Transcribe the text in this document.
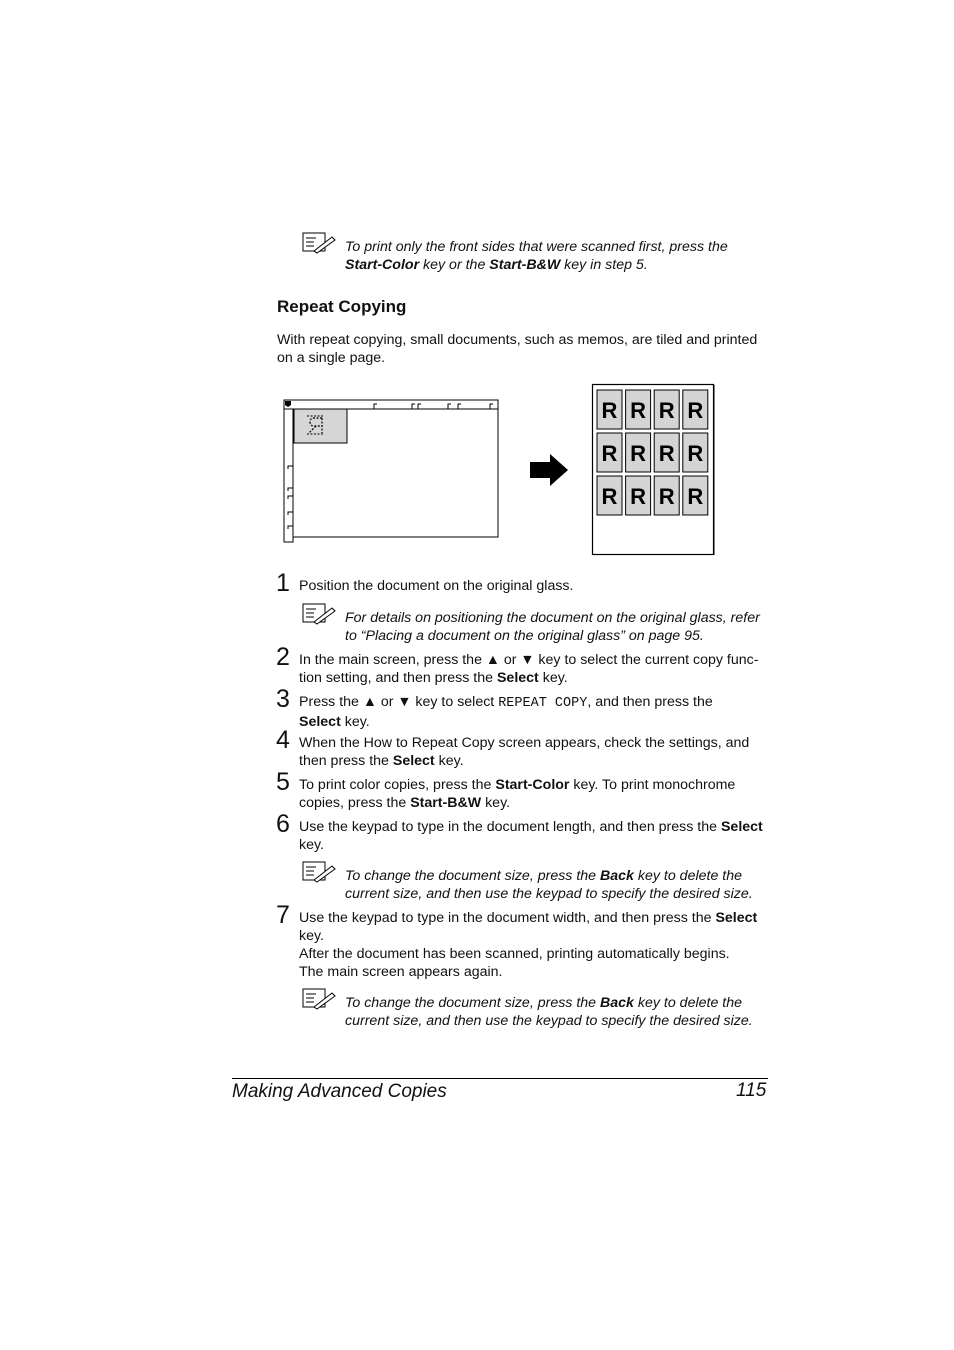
To print only the front sides that were scanned first, press the
Start-Color key or the Start-B&W key in step 5.
Repeat Copying
With repeat copying, small documents, such as memos, are tiled and printed
on a single page.
R R R R
R R R R
R R R R
1 Position the document on the original glass.
For details on positioning the document on the original glass, refer
to “Placing a document on the original glass” on page 95.
2 In the main screen, press the ▲ or ▼ key to select the current copy func-
tion setting, and then press the Select key.
3 Press the ▲ or ▼ key to select REPEAT COPY, and then press the
Select key.
4 When the How to Repeat Copy screen appears, check the settings, and
then press the Select key.
5 To print color copies, press the Start-Color key. To print monochrome
copies, press the Start-B&W key.
6 Use the keypad to type in the document length, and then press the Select
key.
To change the document size, press the Back key to delete the
current size, and then use the keypad to specify the desired size.
7 Use the keypad to type in the document width, and then press the Select
key.
After the document has been scanned, printing automatically begins.
The main screen appears again.
To change the document size, press the Back key to delete the
current size, and then use the keypad to specify the desired size.
Making Advanced Copies	115
